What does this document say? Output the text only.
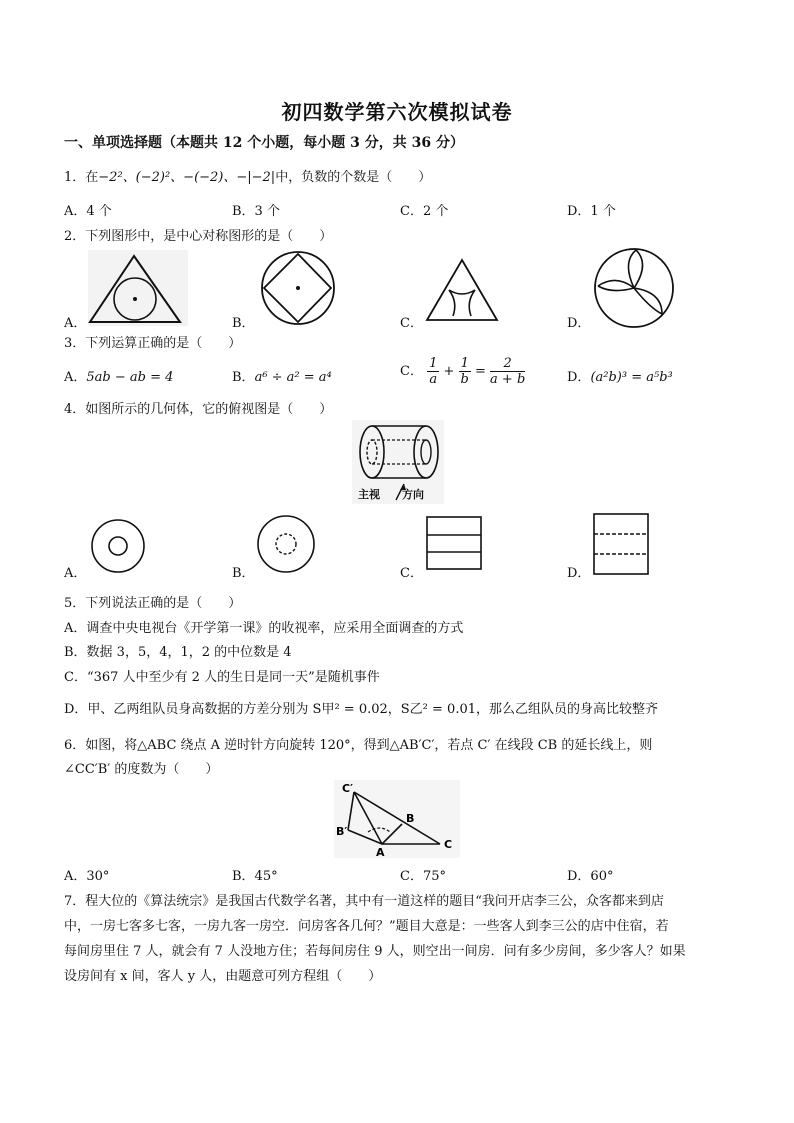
初四数学第六次模拟试卷
一、单项选择题（本题共 12 个小题，每小题 3 分，共 36 分）
1．在−2²、(−2)²、−(−2)、−|−2|中，负数的个数是（　　）
A．4 个	B．3 个	C．2 个	D．1 个
2．下列图形中，是中心对称图形的是（　　）
A．	B．	C．	D．
3．下列运算正确的是（　　）
A．5ab − ab = 4	B．a⁶ ÷ a² = a⁴	C． $\frac{1}{a} + \frac{1}{b} = \frac{2}{a + b}$	D．(a²b)³ = a⁵b³
4．如图所示的几何体，它的俯视图是（　　）
主视 方向
A．	B．	C．	D．
5．下列说法正确的是（　　）
A．调查中央电视台《开学第一课》的收视率，应采用全面调查的方式
B．数据 3，5，4，1，2 的中位数是 4
C．“367 人中至少有 2 人的生日是同一天”是随机事件
D．甲、乙两组队员身高数据的方差分别为 S甲² = 0.02，S乙² = 0.01，那么乙组队员的身高比较整齐
6．如图，将△ABC 绕点 A 逆时针方向旋转 120°，得到△AB′C′，若点 C′ 在线段 CB 的延长线上，则
∠CC′B′ 的度数为（　　）
C′
B′
B
A
C
A．30°	B．45°	C．75°	D．60°
7．程大位的《算法统宗》是我国古代数学名著，其中有一道这样的题目“我问开店李三公，众客都来到店
中，一房七客多七客，一房九客一房空．问房客各几何？”题目大意是：一些客人到李三公的店中住宿，若
每间房里住 7 人，就会有 7 人没地方住；若每间房住 9 人，则空出一间房．问有多少房间，多少客人？如果
设房间有 x 间，客人 y 人，由题意可列方程组（　　）
